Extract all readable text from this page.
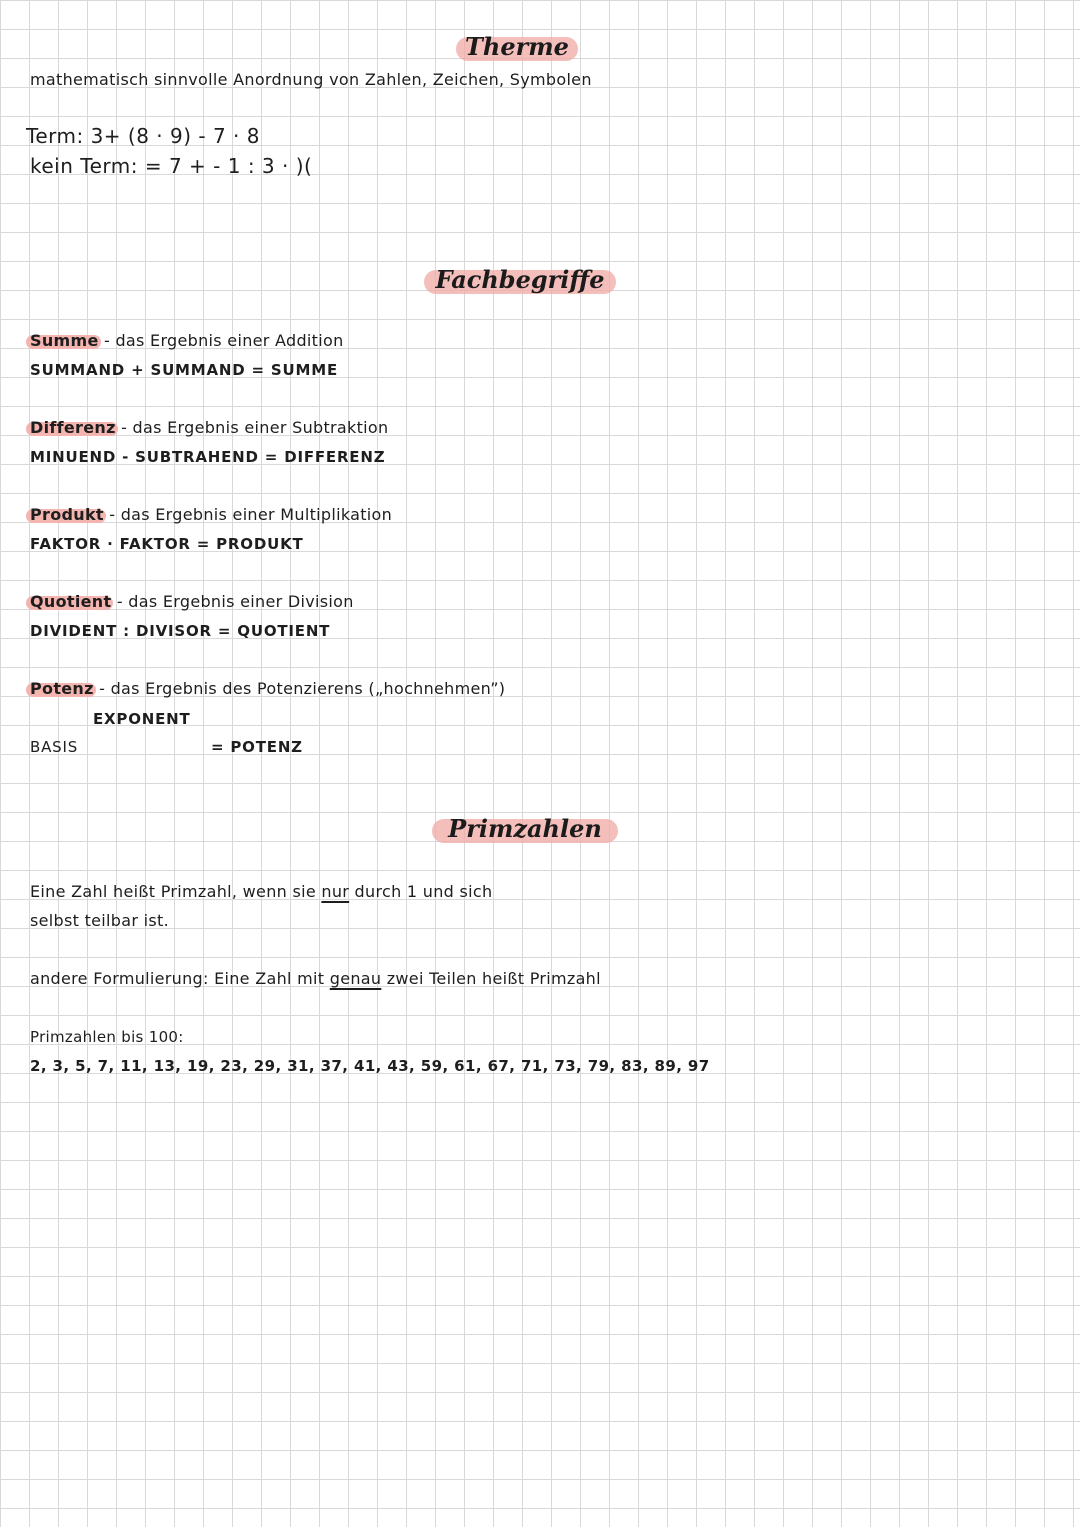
Therme
mathematisch sinnvolle Anordnung von Zahlen, Zeichen, Symbolen
Term: 3+ (8 · 9) - 7 · 8
kein Term: = 7 + - 1 : 3 · )(
Fachbegriffe
Summe - das Ergebnis einer Addition
SUMMAND + SUMMAND = SUMME
Differenz - das Ergebnis einer Subtraktion
MINUEND - SUBTRAHEND = DIFFERENZ
Produkt - das Ergebnis einer Multiplikation
FAKTOR · FAKTOR = PRODUKT
Quotient - das Ergebnis einer Division
DIVIDENT : DIVISOR = QUOTIENT
Potenz - das Ergebnis des Potenzierens („hochnehmen”)
EXPONENT
BASIS	= POTENZ
Primzahlen
Eine Zahl heißt Primzahl, wenn sie nur durch 1 und sich
selbst teilbar ist.
andere Formulierung: Eine Zahl mit genau zwei Teilen heißt Primzahl
Primzahlen bis 100:
2, 3, 5, 7, 11, 13, 19, 23, 29, 31, 37, 41, 43, 59, 61, 67, 71, 73, 79, 83, 89, 97
